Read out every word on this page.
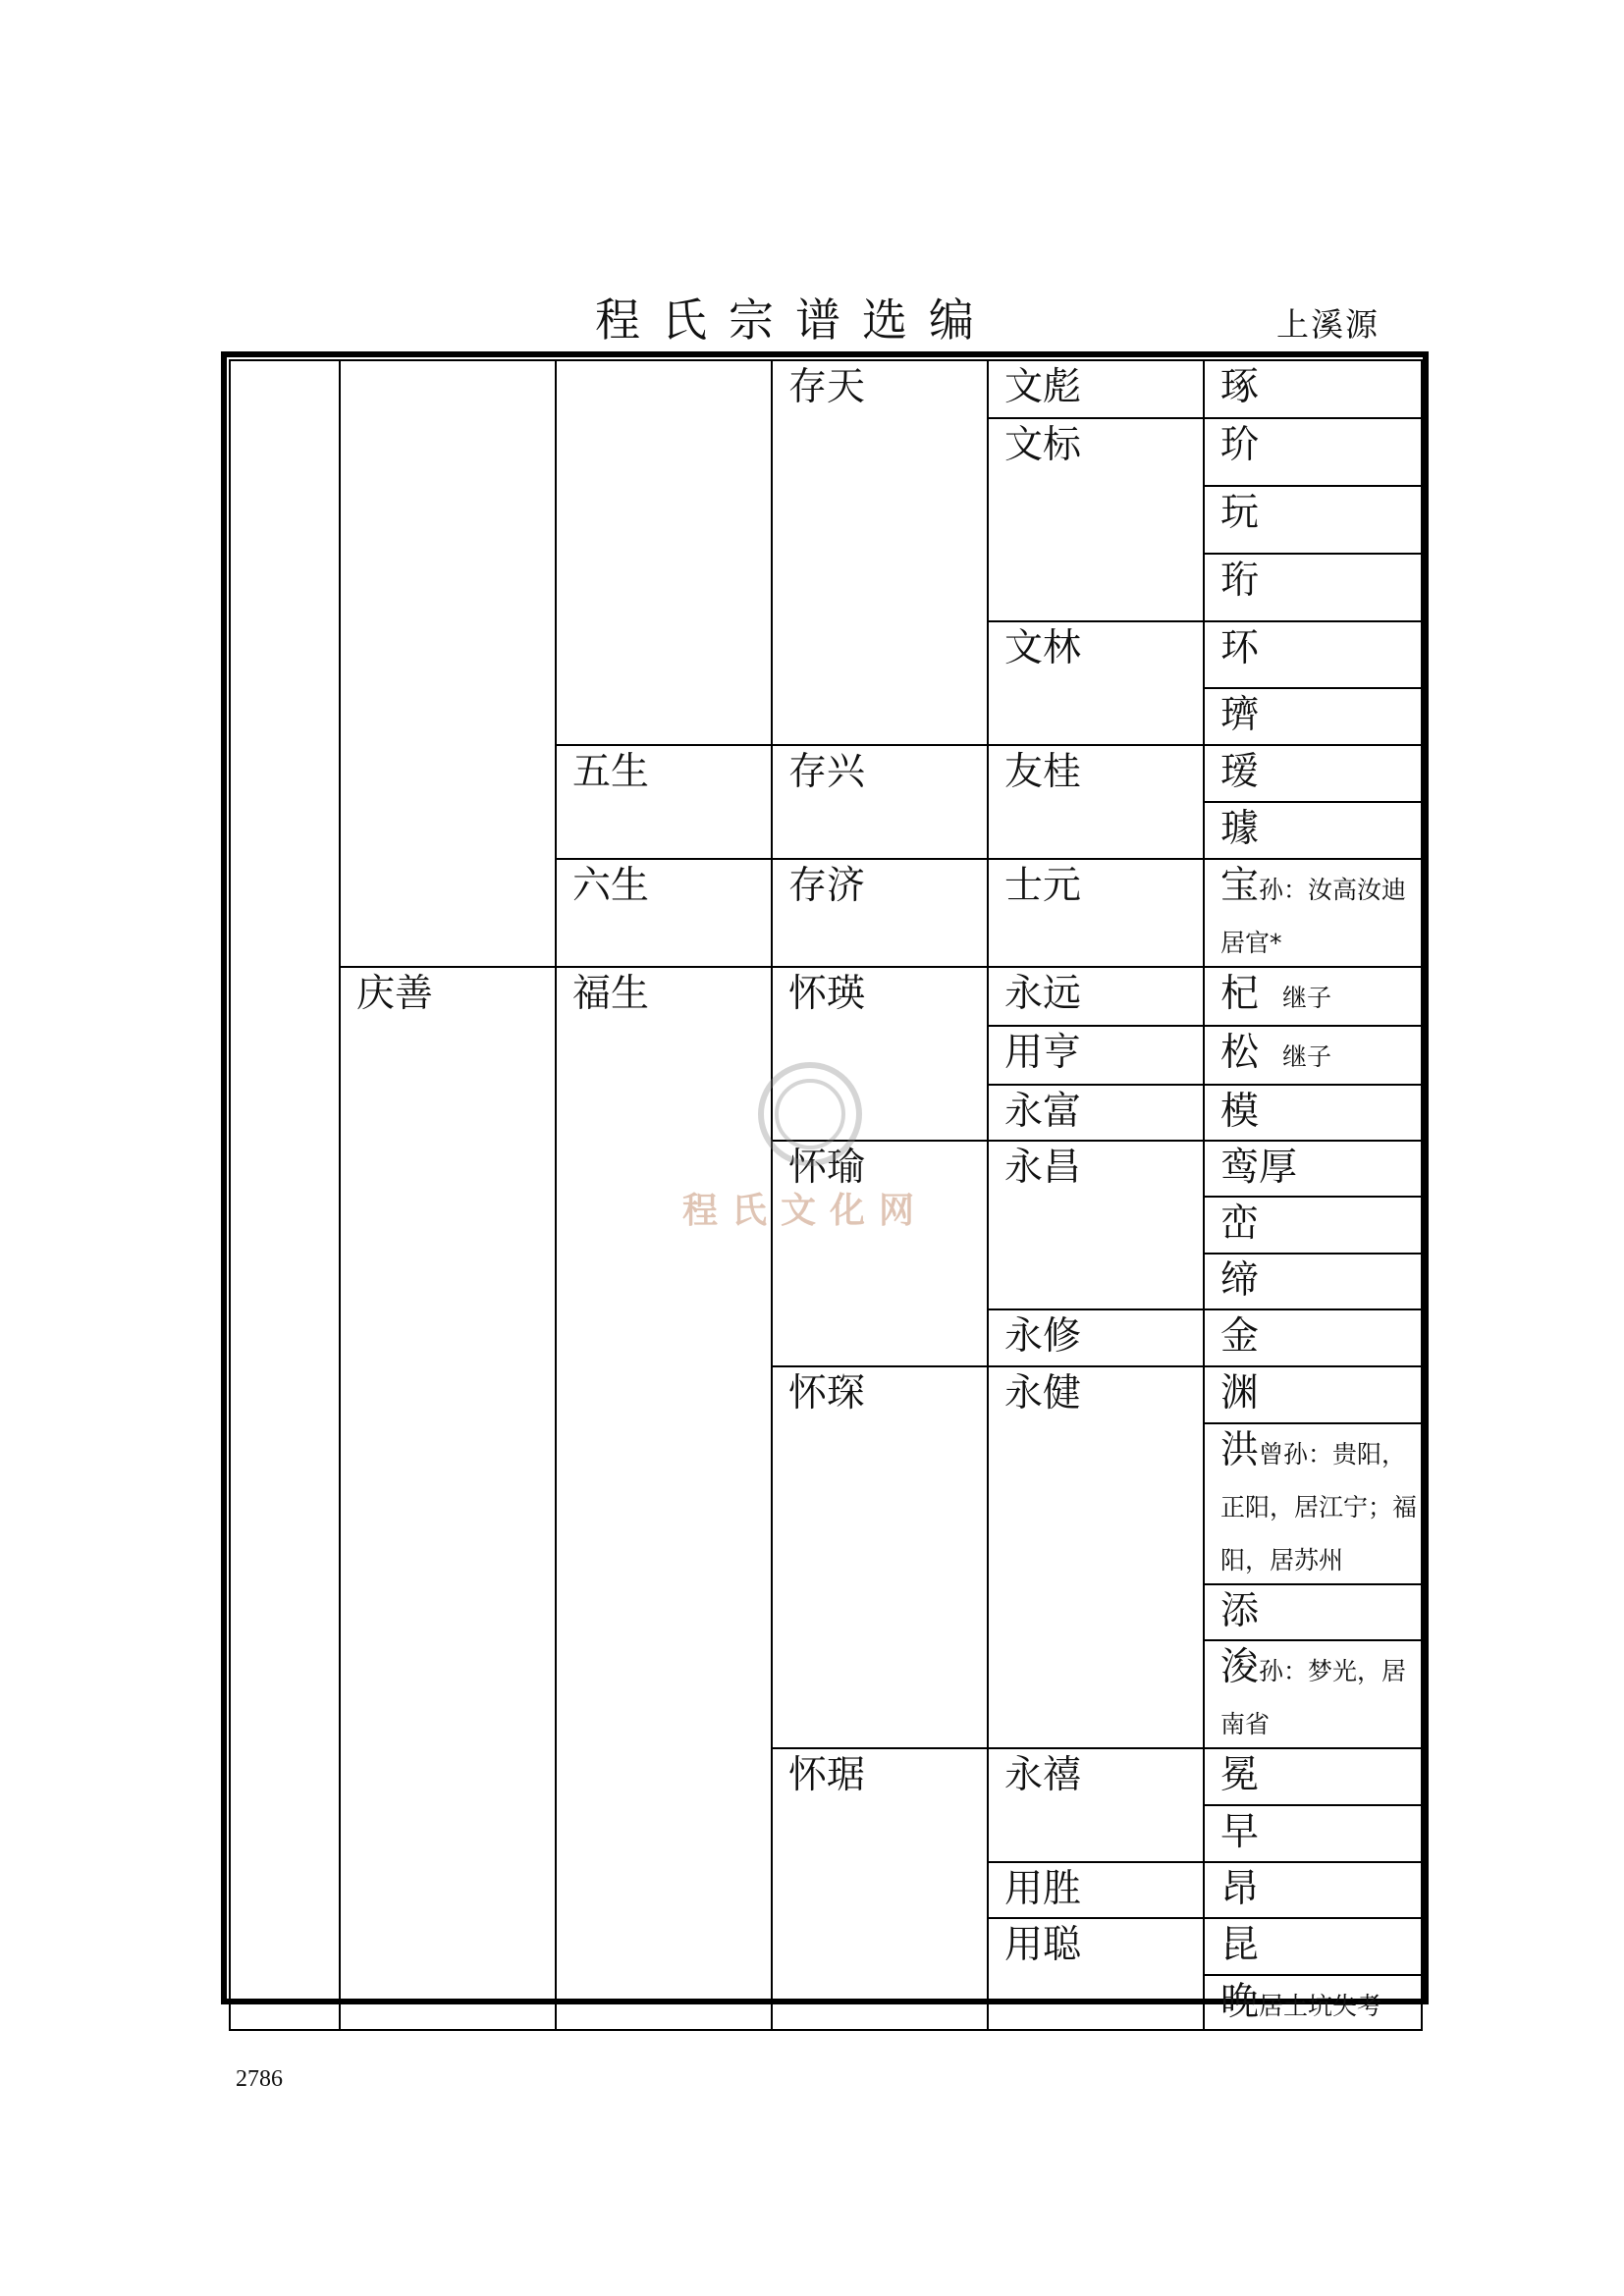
程氏宗谱选编	上溪源
			存天	文彪	琢
				文标	玠
					玩
					珩
				文林	环
					璾
		五生	存兴	友桂	瑷
					璩
		六生	存济	士元	宝孙：汝高汝迪居官*
	庆善	福生	怀瑛	永远	杞 继子
				用亨	松 继子
				永富	模
			怀瑜	永昌	鸾厚
					峦
					缔
				永修	金
			怀琛	永健	渊
					洪曾孙：贵阳，正阳，居江宁；福阳，居苏州
					添
					浚孙：梦光，居南省
			怀琚	永禧	冕
					早
				用胜	昂
				用聪	昆
					晚居土坑失考
程氏文化网
2786
